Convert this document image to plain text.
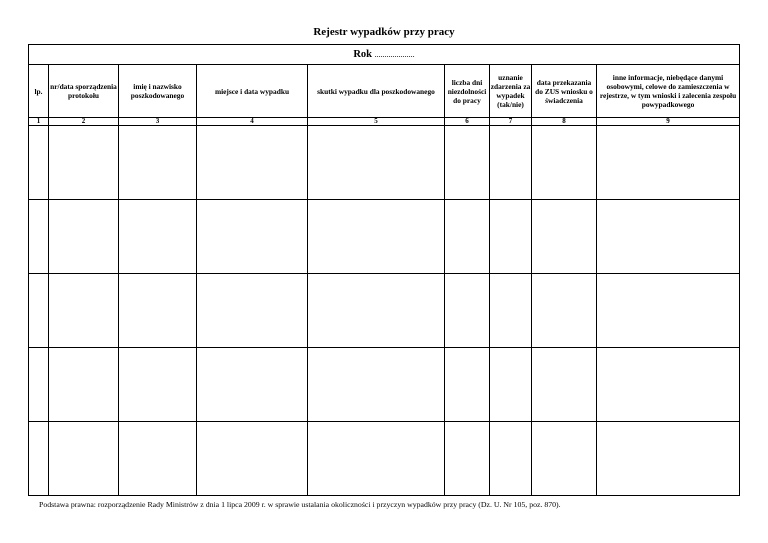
Rejestr wypadków przy pracy
Rok ....................								
lp.	nr/data sporządzenia protokołu	imię i nazwisko poszkodowanego	miejsce i data wypadku	skutki wypadku dla poszkodowanego	liczba dni niezdolności do pracy	uznanie zdarzenia za wypadek (tak/nie)	data przekazania do ZUS wniosku o świadczenia	inne informacje, niebędące danymi osobowymi, celowe do zamieszczenia w rejestrze, w tym wnioski i zalecenia zespołu powypadkowego
1	2	3	4	5	6	7	8	9

Podstawa prawna: rozporządzenie Rady Ministrów z dnia 1 lipca 2009 r. w sprawie ustalania okoliczności i przyczyn wypadków przy pracy (Dz. U. Nr 105, poz. 870).
